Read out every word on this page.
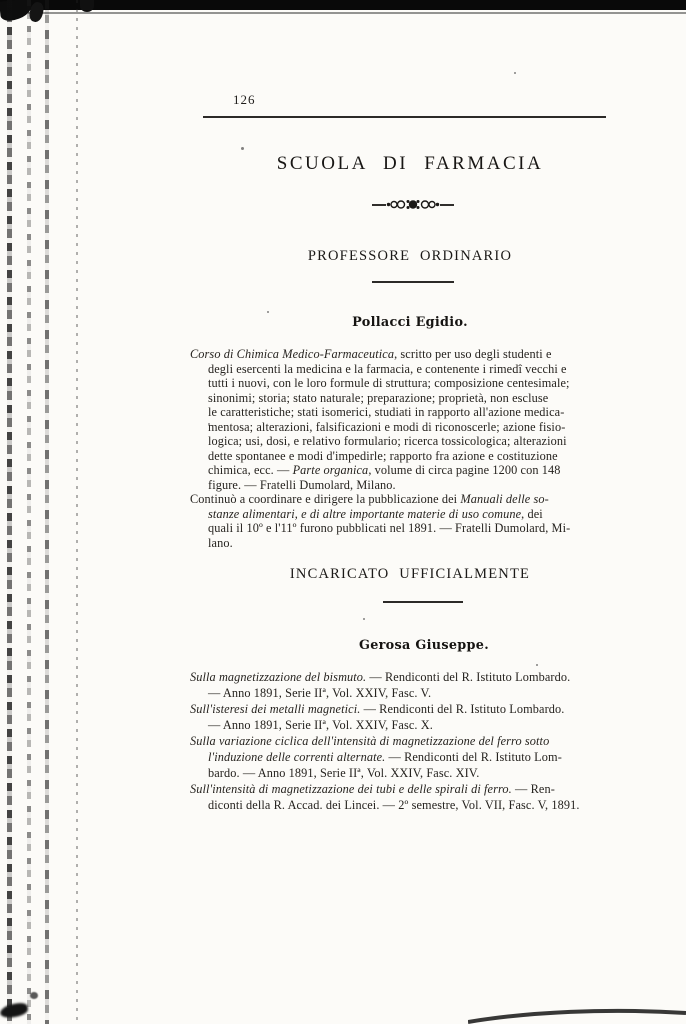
126
SCUOLA DI FARMACIA
PROFESSORE ORDINARIO
Pollacci Egidio.
Corso di Chimica Medico-Farmaceutica, scritto per uso degli studenti e
degli esercenti la medicina e la farmacia, e contenente i rimedî vecchi e
tutti i nuovi, con le loro formule di struttura; composizione centesimale;
sinonimi; storia; stato naturale; preparazione; proprietà, non escluse
le caratteristiche; stati isomerici, studiati in rapporto all'azione medica-
mentosa; alterazioni, falsificazioni e modi di riconoscerle; azione fisio-
logica; usi, dosi, e relativo formulario; ricerca tossicologica; alterazioni
dette spontanee e modi d'impedirle; rapporto fra azione e costituzione
chimica, ecc. — Parte organica, volume di circa pagine 1200 con 148
figure. — Fratelli Dumolard, Milano.
Continuò a coordinare e dirigere la pubblicazione dei Manuali delle so-
stanze alimentari, e di altre importante materie di uso comune, dei
quali il 10º e l'11º furono pubblicati nel 1891. — Fratelli Dumolard, Mi-
lano.
INCARICATO UFFICIALMENTE
Gerosa Giuseppe.
Sulla magnetizzazione del bismuto. — Rendiconti del R. Istituto Lombardo.
— Anno 1891, Serie IIª, Vol. XXIV, Fasc. V.
Sull'isteresi dei metalli magnetici. — Rendiconti del R. Istituto Lombardo.
— Anno 1891, Serie IIª, Vol. XXIV, Fasc. X.
Sulla variazione ciclica dell'intensità di magnetizzazione del ferro sotto
l'induzione delle correnti alternate. — Rendiconti del R. Istituto Lom-
bardo. — Anno 1891, Serie IIª, Vol. XXIV, Fasc. XIV.
Sull'intensità di magnetizzazione dei tubi e delle spirali di ferro. — Ren-
diconti della R. Accad. dei Lincei. — 2º semestre, Vol. VII, Fasc. V, 1891.
